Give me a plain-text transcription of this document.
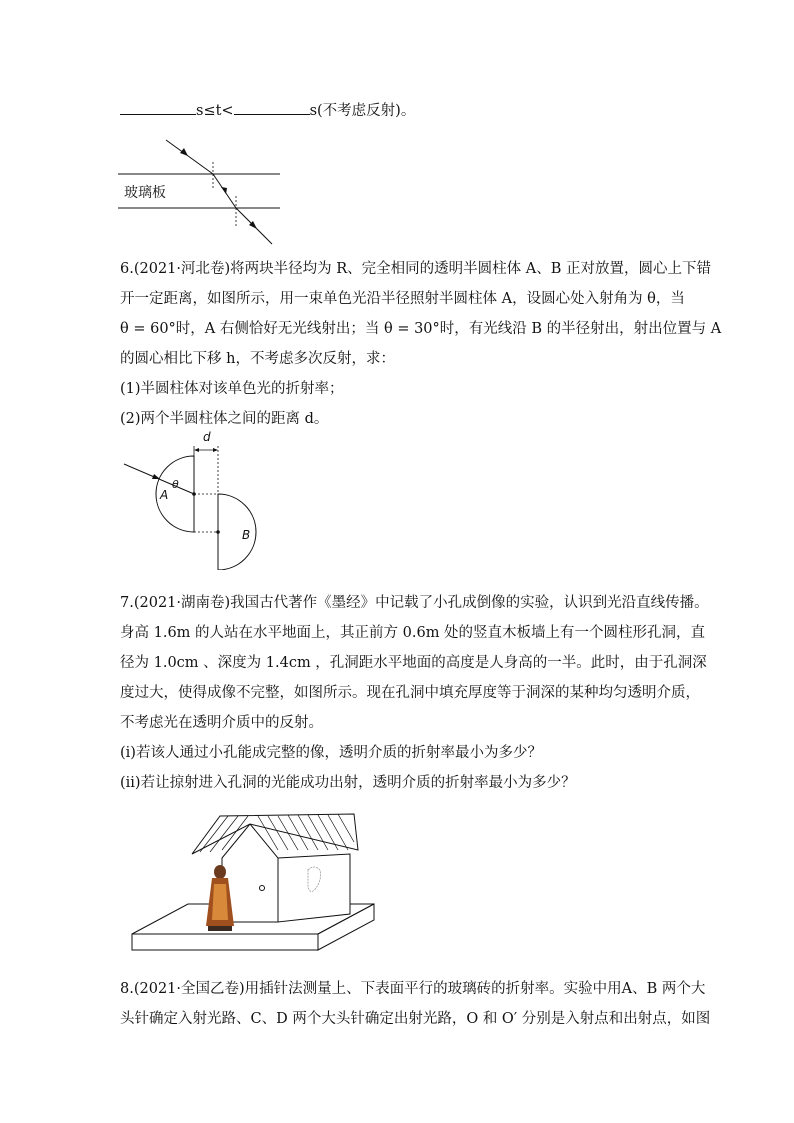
s≤t<	s(不考虑反射)。
玻璃板
6.(2021·河北卷)将两块半径均为 R、完全相同的透明半圆柱体 A、B 正对放置，圆心上下错
开一定距离，如图所示，用一束单色光沿半径照射半圆柱体 A，设圆心处入射角为 θ，当
θ = 60°时，A 右侧恰好无光线射出；当 θ = 30°时，有光线沿 B 的半径射出，射出位置与 A
的圆心相比下移 h，不考虑多次反射，求：
(1)半圆柱体对该单色光的折射率；
(2)两个半圆柱体之间的距离 d。
d
A
θ
B
7.(2021·湖南卷)我国古代著作《墨经》中记载了小孔成倒像的实验，认识到光沿直线传播。
身高 1.6m 的人站在水平地面上，其正前方 0.6m 处的竖直木板墙上有一个圆柱形孔洞，直
径为 1.0cm 、深度为 1.4cm ，孔洞距水平地面的高度是人身高的一半。此时，由于孔洞深
度过大，使得成像不完整，如图所示。现在孔洞中填充厚度等于洞深的某种均匀透明介质，
不考虑光在透明介质中的反射。
(i)若该人通过小孔能成完整的像，透明介质的折射率最小为多少？
(ii)若让掠射进入孔洞的光能成功出射，透明介质的折射率最小为多少？
8.(2021·全国乙卷)用插针法测量上、下表面平行的玻璃砖的折射率。实验中用A、B 两个大
头针确定入射光路、C、D 两个大头针确定出射光路，O 和 O′ 分别是入射点和出射点，如图
